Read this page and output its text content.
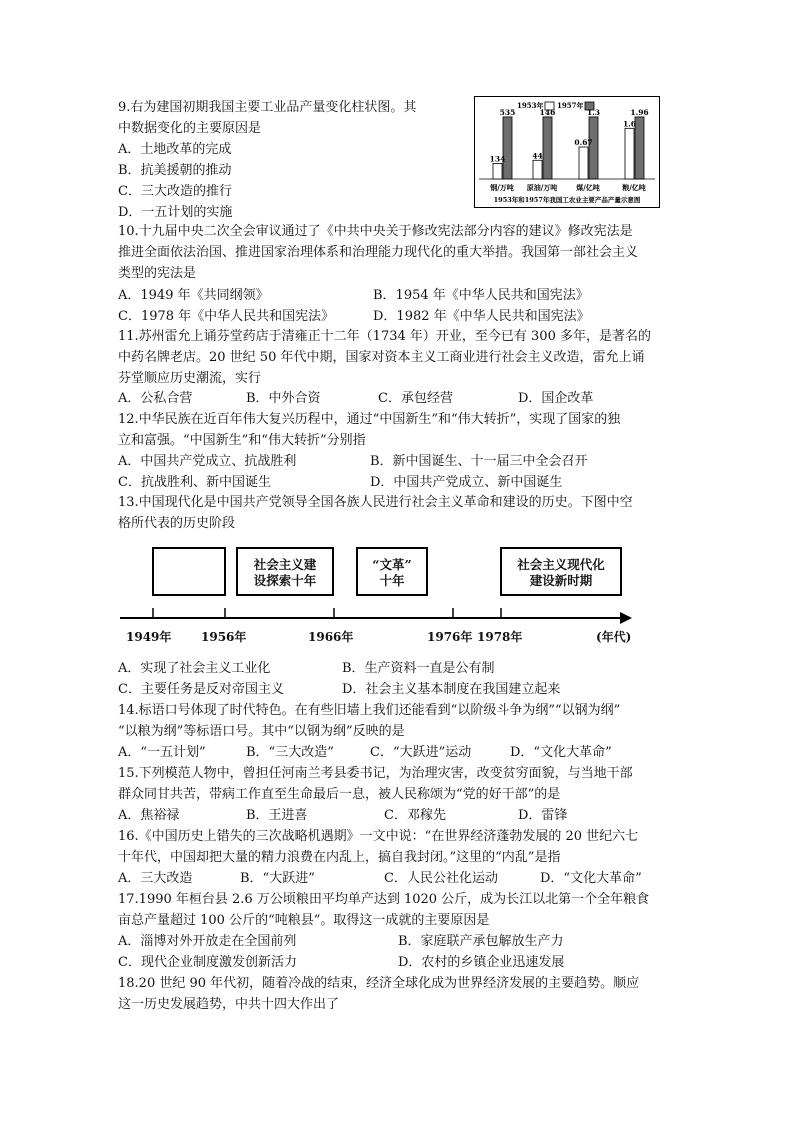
9.右为建国初期我国主要工业品产量变化柱状图。其
中数据变化的主要原因是
A．土地改革的完成
B．抗美援朝的推动
C．三大改造的推行
D．一五计划的实施
1953年 1957年
134
535
钢/万吨
44
146
原油/万吨
0.67
1.3
煤/亿吨
1.6
1.96
粮/亿吨
1953年和1957年我国工农业主要产品产量示意图
10.十九届中央二次全会审议通过了《中共中央关于修改宪法部分内容的建议》修改宪法是
推进全面依法治国、推进国家治理体系和治理能力现代化的重大举措。我国第一部社会主义
类型的宪法是
A．1949 年《共同纲领》	B．1954 年《中华人民共和国宪法》
C．1978 年《中华人民共和国宪法》	D．1982 年《中华人民共和国宪法》
11.苏州雷允上诵芬堂药店于清雍正十二年（1734 年）开业，至今已有 300 多年，是著名的
中药名牌老店。20 世纪 50 年代中期，国家对资本主义工商业进行社会主义改造，雷允上诵
芬堂顺应历史潮流，实行
A．公私合营	B．中外合资	C．承包经营	D．国企改革
12.中华民族在近百年伟大复兴历程中，通过“中国新生”和“伟大转折”，实现了国家的独
立和富强。“中国新生”和“伟大转折”分别指
A．中国共产党成立、抗战胜利	B．新中国诞生、十一届三中全会召开
C．抗战胜利、新中国诞生	D．中国共产党成立、新中国诞生
13.中国现代化是中国共产党领导全国各族人民进行社会主义革命和建设的历史。下图中空
格所代表的历史阶段
社会主义建
设探索十年
“文革”
十年
社会主义现代化
建设新时期
1949年 1956年	1966年	1976年 1978年	(年代)
A．实现了社会主义工业化	B．生产资料一直是公有制
C．主要任务是反对帝国主义	D．社会主义基本制度在我国建立起来
14.标语口号体现了时代特色。在有些旧墙上我们还能看到“以阶级斗争为纲”“以钢为纲”
“以粮为纲”等标语口号。其中“以钢为纲”反映的是
A．“一五计划”	B．“三大改造”	C．“大跃进”运动	D．“文化大革命”
15.下列模范人物中，曾担任河南兰考县委书记，为治理灾害，改变贫穷面貌，与当地干部
群众同甘共苦，带病工作直至生命最后一息，被人民称颂为“党的好干部”的是
A．焦裕禄	B．王进喜	C．邓稼先	D．雷锋
16.《中国历史上错失的三次战略机遇期》一文中说：“在世界经济蓬勃发展的 20 世纪六七
十年代，中国却把大量的精力浪费在内乱上，搞自我封闭。”这里的“内乱”是指
A．三大改造	B．“大跃进”	C．人民公社化运动	D．“文化大革命”
17.1990 年桓台县 2.6 万公顷粮田平均单产达到 1020 公斤，成为长江以北第一个全年粮食
亩总产量超过 100 公斤的“吨粮县”。取得这一成就的主要原因是
A．淄博对外开放走在全国前列	B．家庭联产承包解放生产力
C．现代企业制度激发创新活力	D．农村的乡镇企业迅速发展
18.20 世纪 90 年代初，随着冷战的结束，经济全球化成为世界经济发展的主要趋势。顺应
这一历史发展趋势，中共十四大作出了
